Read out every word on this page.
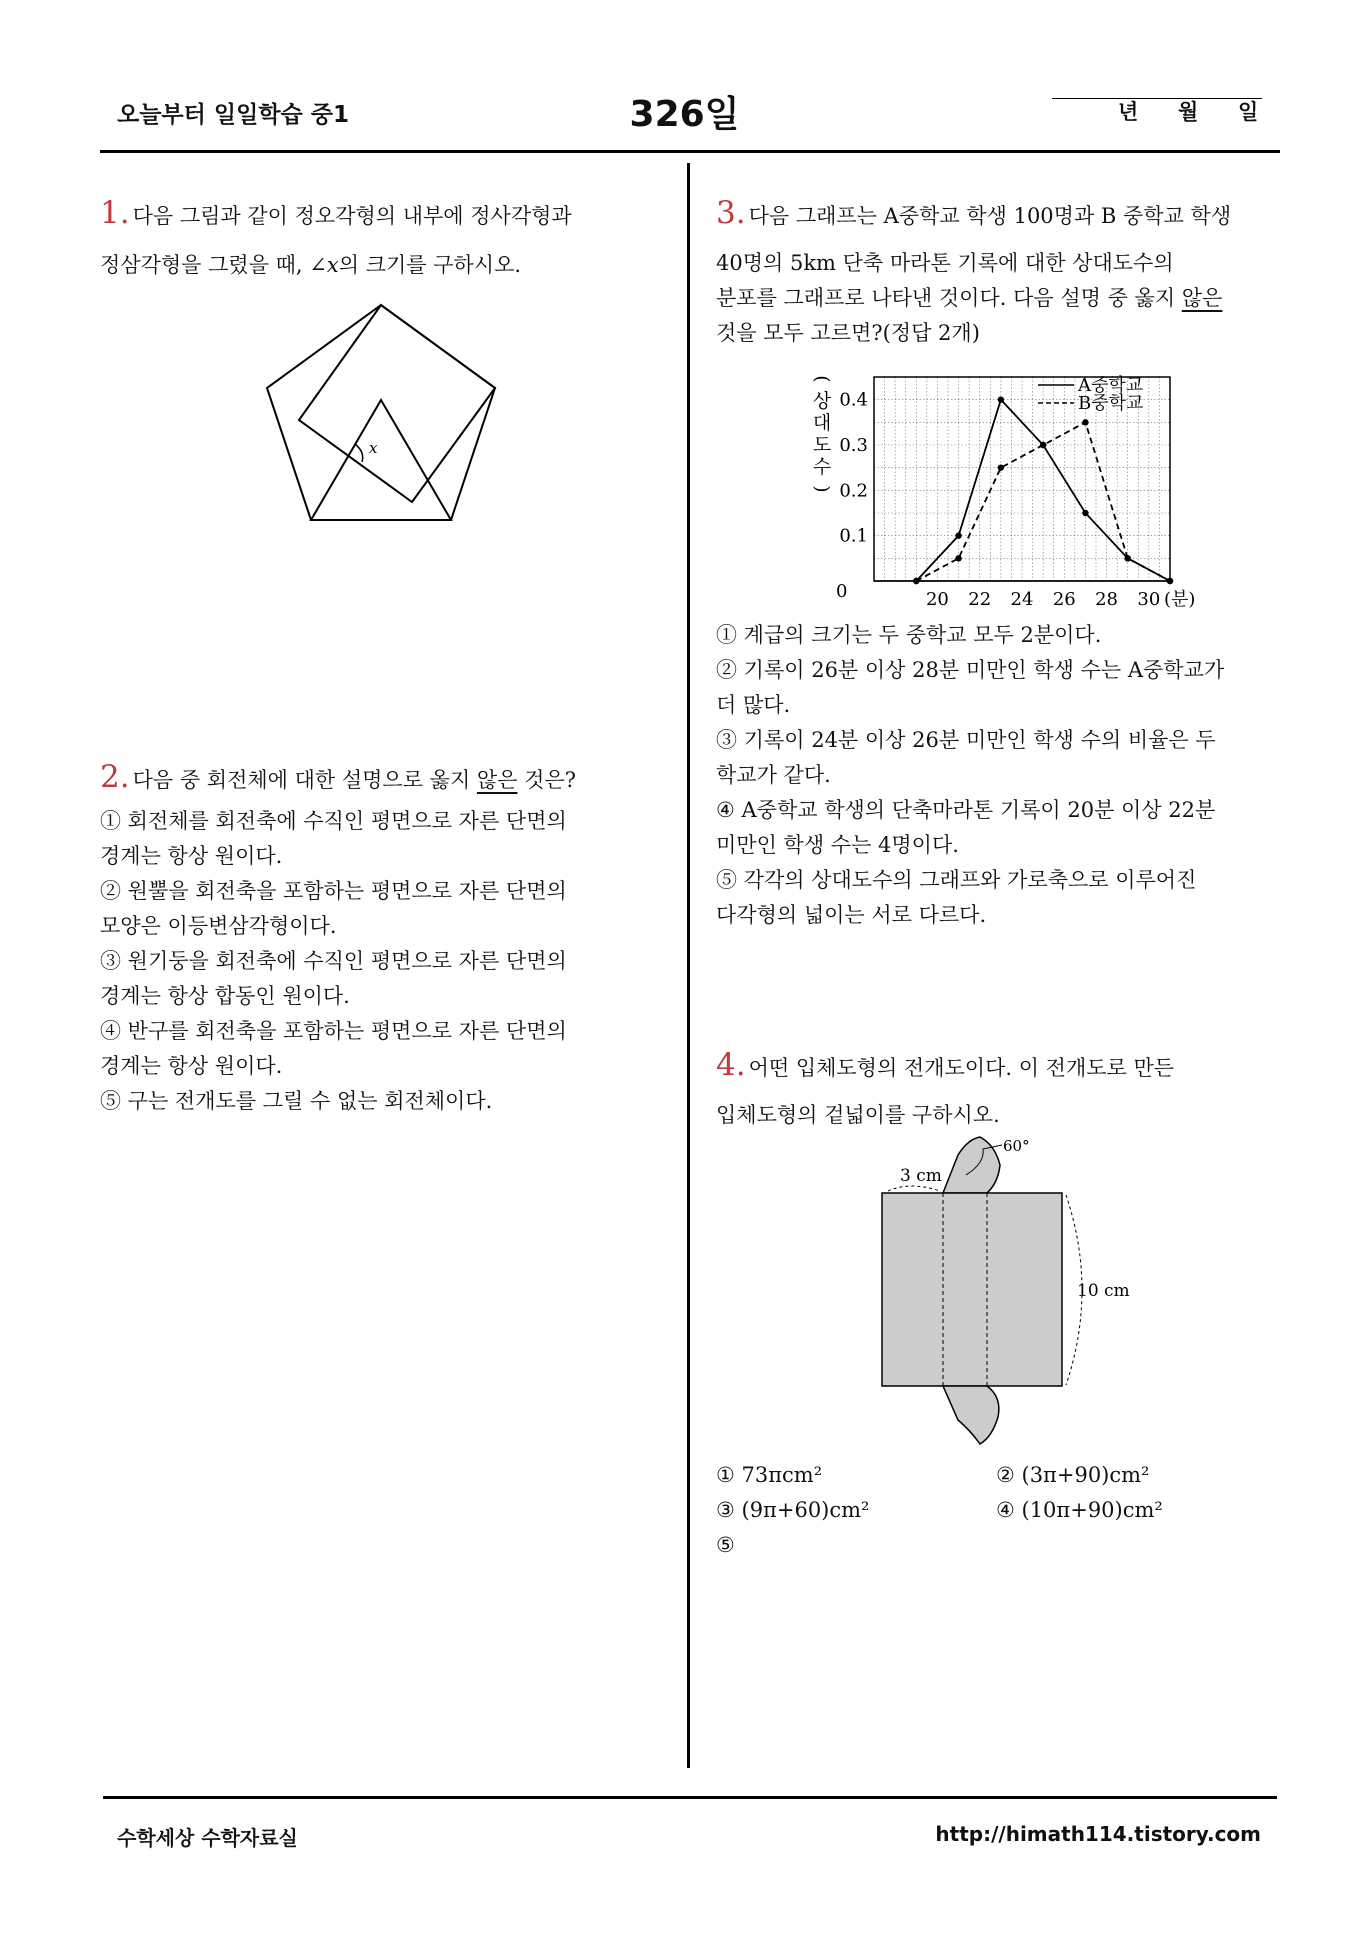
오늘부터 일일학습 중1	326일	년 월 일

1. 다음 그림과 같이 정오각형의 내부에 정사각형과

정삼각형을 그렸을 때, ∠x의 크기를 구하시오.

x

2. 다음 중 회전체에 대한 설명으로 옳지 않은 것은?

① 회전체를 회전축에 수직인 평면으로 자른 단면의
경계는 항상 원이다.
② 원뿔을 회전축을 포함하는 평면으로 자른 단면의
모양은 이등변삼각형이다.
③ 원기둥을 회전축에 수직인 평면으로 자른 단면의
경계는 항상 합동인 원이다.
④ 반구를 회전축을 포함하는 평면으로 자른 단면의
경계는 항상 원이다.
⑤ 구는 전개도를 그릴 수 없는 회전체이다.

3. 다음 그래프는 A중학교 학생 100명과 B 중학교 학생

40명의 5km 단축 마라톤 기록에 대한 상대도수의

분포를 그래프로 나타낸 것이다. 다음 설명 중 옳지 않은

것을 모두 고르면?(정답 2개)

0.1
0.2
0.3
0.4
20 22 24 26 28 30
0	(분)
(
상
대
도
수
)
A중학교
B중학교
① 계급의 크기는 두 중학교 모두 2분이다.
② 기록이 26분 이상 28분 미만인 학생 수는 A중학교가
더 많다.
③ 기록이 24분 이상 26분 미만인 학생 수의 비율은 두
학교가 같다.
④ A중학교 학생의 단축마라톤 기록이 20분 이상 22분
미만인 학생 수는 4명이다.
⑤ 각각의 상대도수의 그래프와 가로축으로 이루어진
다각형의 넓이는 서로 다르다.

4. 어떤 입체도형의 전개도이다. 이 전개도로 만든

입체도형의 겉넓이를 구하시오.

3 cm
10 cm
60°
① 73πcm²	② (3π+90)cm²
③ (9π+60)cm²	④ (10π+90)cm²
⑤
수학세상 수학자료실	http://himath114.tistory.com
